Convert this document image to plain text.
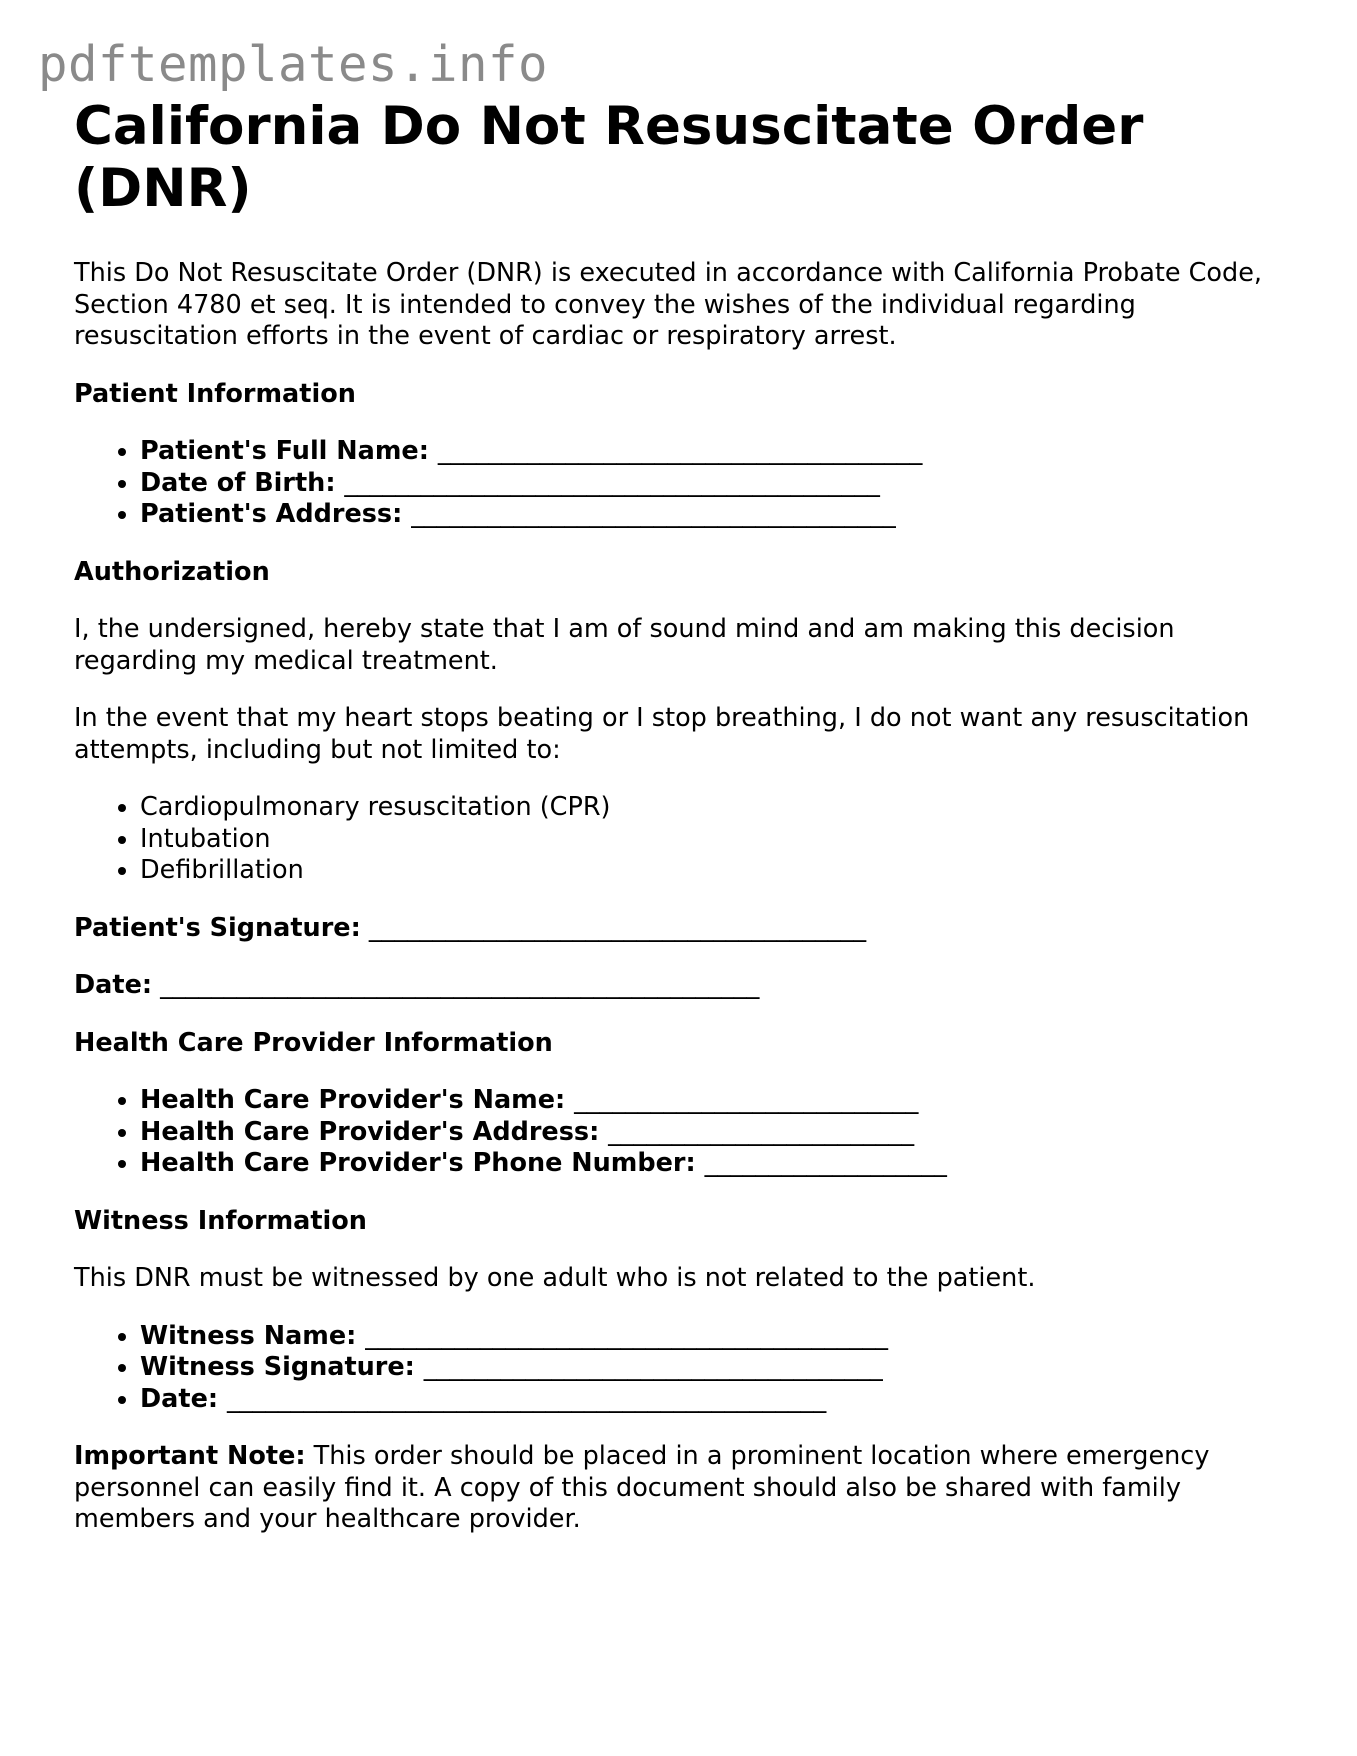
pdftemplates.info
California Do Not Resuscitate Order (DNR)

This Do Not Resuscitate Order (DNR) is executed in accordance with California Probate Code, Section 4780 et seq. It is intended to convey the wishes of the individual regarding resuscitation efforts in the event of cardiac or respiratory arrest.

Patient Information
• Patient's Full Name: ______________________________________
• Date of Birth: __________________________________________
• Patient's Address: ______________________________________
Authorization

I, the undersigned, hereby state that I am of sound mind and am making this decision regarding my medical treatment.

In the event that my heart stops beating or I stop breathing, I do not want any resuscitation attempts, including but not limited to:

• Cardiopulmonary resuscitation (CPR)
• Intubation
• Defibrillation
Patient's Signature: _______________________________________
Date: _______________________________________________
Health Care Provider Information
• Health Care Provider's Name: ___________________________
• Health Care Provider's Address: ________________________
• Health Care Provider's Phone Number: ___________________
Witness Information

This DNR must be witnessed by one adult who is not related to the patient.

• Witness Name: _________________________________________
• Witness Signature: ____________________________________
• Date: _______________________________________________

Important Note: This order should be placed in a prominent location where emergency personnel can easily find it. A copy of this document should also be shared with family members and your healthcare provider.
